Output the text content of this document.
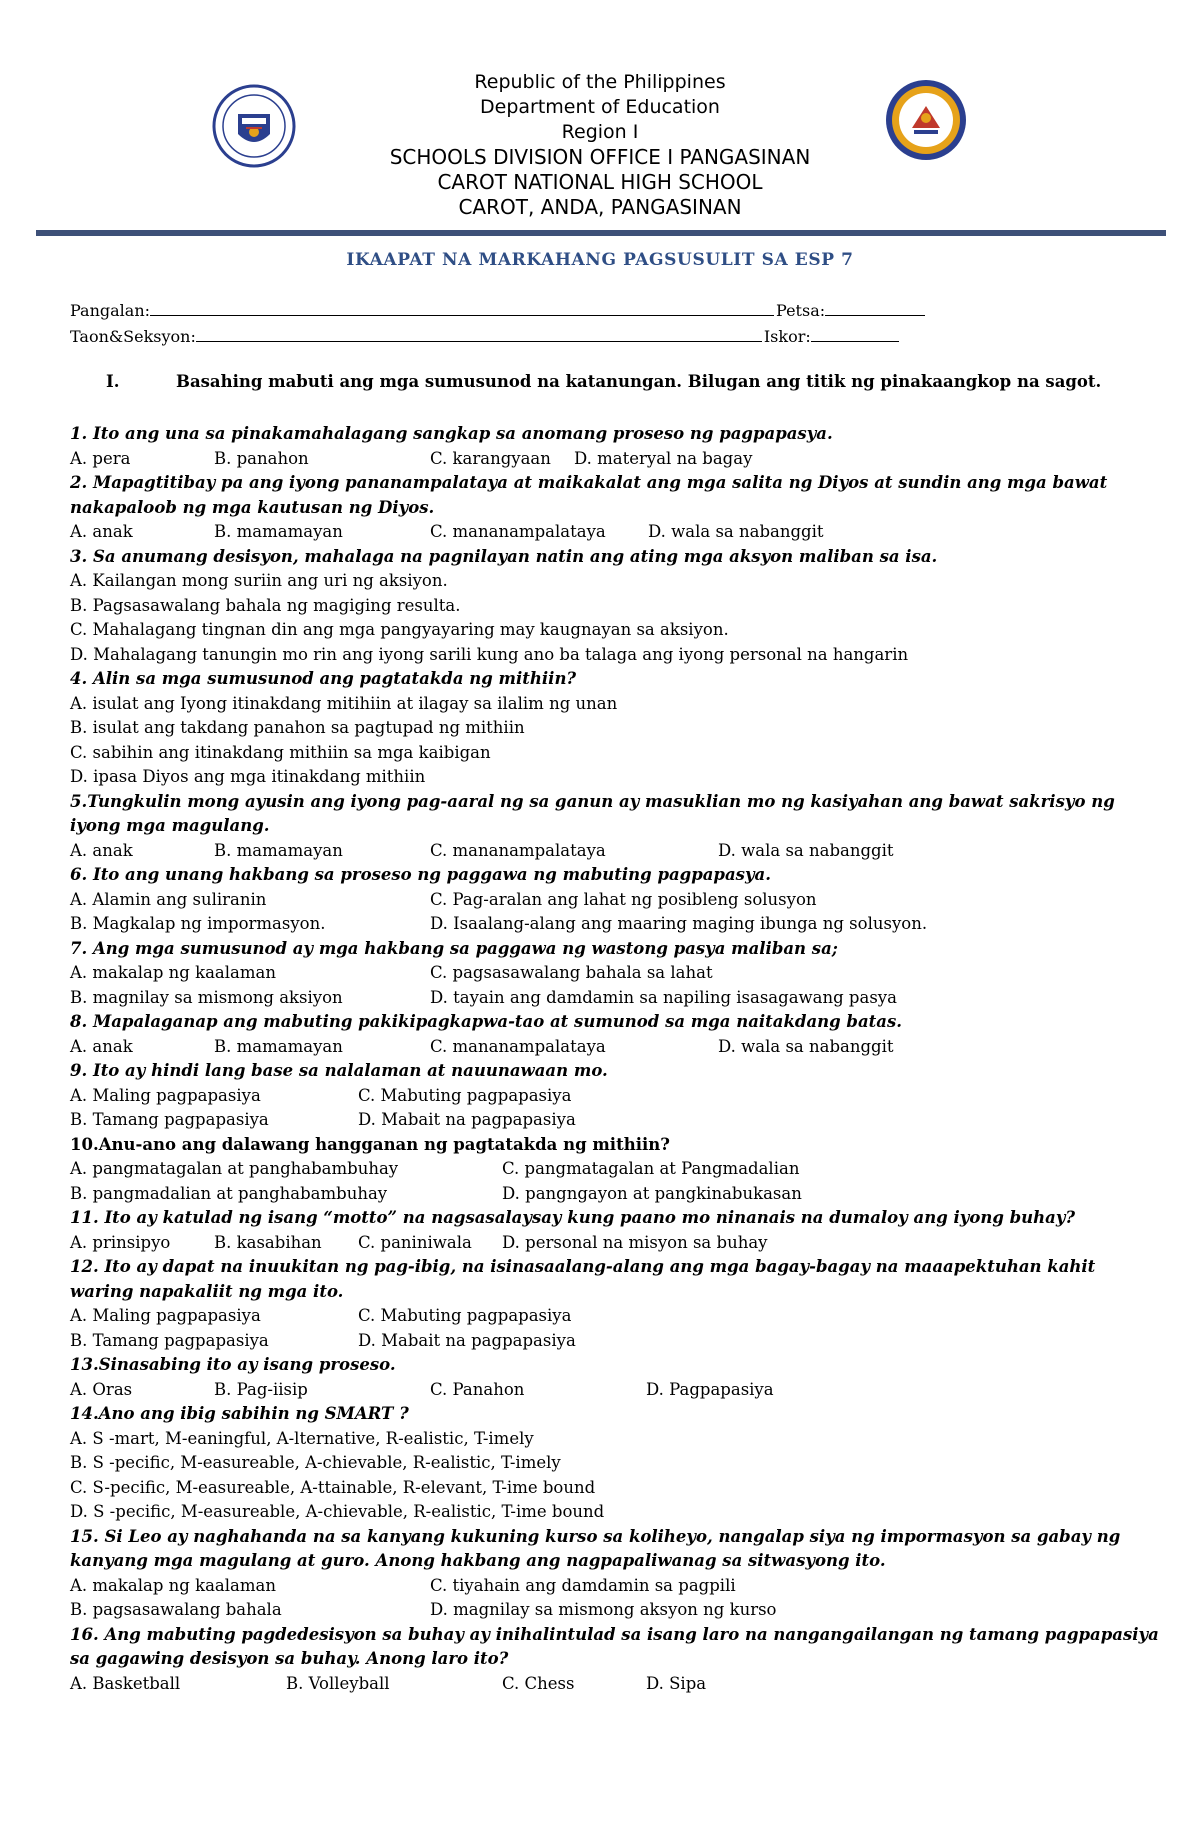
Republic of the Philippines
Department of Education
Region I
SCHOOLS DIVISION OFFICE I PANGASINAN
CAROT NATIONAL HIGH SCHOOL
CAROT, ANDA, PANGASINAN
IKAAPAT NA MARKAHANG PAGSUSULIT SA ESP 7
Pangalan:	Petsa:
Taon&Seksyon:	Iskor:
I.	Basahing mabuti ang mga sumusunod na katanungan. Bilugan ang titik ng pinakaangkop na sagot.
1. Ito ang una sa pinakamahalagang sangkap sa anomang proseso ng pagpapasya.
A. pera	B. panahon	C. karangyaan D. materyal na bagay
2. Mapagtitibay pa ang iyong pananampalataya at maikakalat ang mga salita ng Diyos at sundin ang mga bawat
nakapaloob ng mga kautusan ng Diyos.
A. anak	B. mamamayan	C. mananampalataya	D. wala sa nabanggit
3. Sa anumang desisyon, mahalaga na pagnilayan natin ang ating mga aksyon maliban sa isa.
A. Kailangan mong suriin ang uri ng aksiyon.
B. Pagsasawalang bahala ng magiging resulta.
C. Mahalagang tingnan din ang mga pangyayaring may kaugnayan sa aksiyon.
D. Mahalagang tanungin mo rin ang iyong sarili kung ano ba talaga ang iyong personal na hangarin
4. Alin sa mga sumusunod ang pagtatakda ng mithiin?
A. isulat ang Iyong itinakdang mitihiin at ilagay sa ilalim ng unan
B. isulat ang takdang panahon sa pagtupad ng mithiin
C. sabihin ang itinakdang mithiin sa mga kaibigan
D. ipasa Diyos ang mga itinakdang mithiin
5.Tungkulin mong ayusin ang iyong pag-aaral ng sa ganun ay masuklian mo ng kasiyahan ang bawat sakrisyo ng
iyong mga magulang.
A. anak	B. mamamayan	C. mananampalataya	D. wala sa nabanggit
6. Ito ang unang hakbang sa proseso ng paggawa ng mabuting pagpapasya.
A. Alamin ang suliranin	C. Pag-aralan ang lahat ng posibleng solusyon
B. Magkalap ng impormasyon.	D. Isaalang-alang ang maaring maging ibunga ng solusyon.
7. Ang mga sumusunod ay mga hakbang sa paggawa ng wastong pasya maliban sa;
A. makalap ng kaalaman	C. pagsasawalang bahala sa lahat
B. magnilay sa mismong aksiyon	D. tayain ang damdamin sa napiling isasagawang pasya
8. Mapalaganap ang mabuting pakikipagkapwa-tao at sumunod sa mga naitakdang batas.
A. anak	B. mamamayan	C. mananampalataya	D. wala sa nabanggit
9. Ito ay hindi lang base sa nalalaman at nauunawaan mo.
A. Maling pagpapasiya	C. Mabuting pagpapasiya
B. Tamang pagpapasiya	D. Mabait na pagpapasiya
10.Anu-ano ang dalawang hangganan ng pagtatakda ng mithiin?
A. pangmatagalan at panghabambuhay	C. pangmatagalan at Pangmadalian
B. pangmadalian at panghabambuhay	D. pangngayon at pangkinabukasan
11. Ito ay katulad ng isang “motto” na nagsasalaysay kung paano mo ninanais na dumaloy ang iyong buhay?
A. prinsipyo	B. kasabihan C. paniniwala D. personal na misyon sa buhay
12. Ito ay dapat na inuukitan ng pag-ibig, na isinasaalang-alang ang mga bagay-bagay na maaapektuhan kahit
waring napakaliit ng mga ito.
A. Maling pagpapasiya	C. Mabuting pagpapasiya
B. Tamang pagpapasiya	D. Mabait na pagpapasiya
13.Sinasabing ito ay isang proseso.
A. Oras	B. Pag-iisip	C. Panahon	D. Pagpapasiya
14.Ano ang ibig sabihin ng SMART ?
A. S -mart, M-eaningful, A-lternative, R-ealistic, T-imely
B. S -pecific, M-easureable, A-chievable, R-ealistic, T-imely
C. S-pecific, M-easureable, A-ttainable, R-elevant, T-ime bound
D. S -pecific, M-easureable, A-chievable, R-ealistic, T-ime bound
15. Si Leo ay naghahanda na sa kanyang kukuning kurso sa koliheyo, nangalap siya ng impormasyon sa gabay ng
kanyang mga magulang at guro. Anong hakbang ang nagpapaliwanag sa sitwasyong ito.
A. makalap ng kaalaman	C. tiyahain ang damdamin sa pagpili
B. pagsasawalang bahala	D. magnilay sa mismong aksyon ng kurso
16. Ang mabuting pagdedesisyon sa buhay ay inihalintulad sa isang laro na nangangailangan ng tamang pagpapasiya
sa gagawing desisyon sa buhay. Anong laro ito?
A. Basketball	B. Volleyball	C. Chess	D. Sipa
